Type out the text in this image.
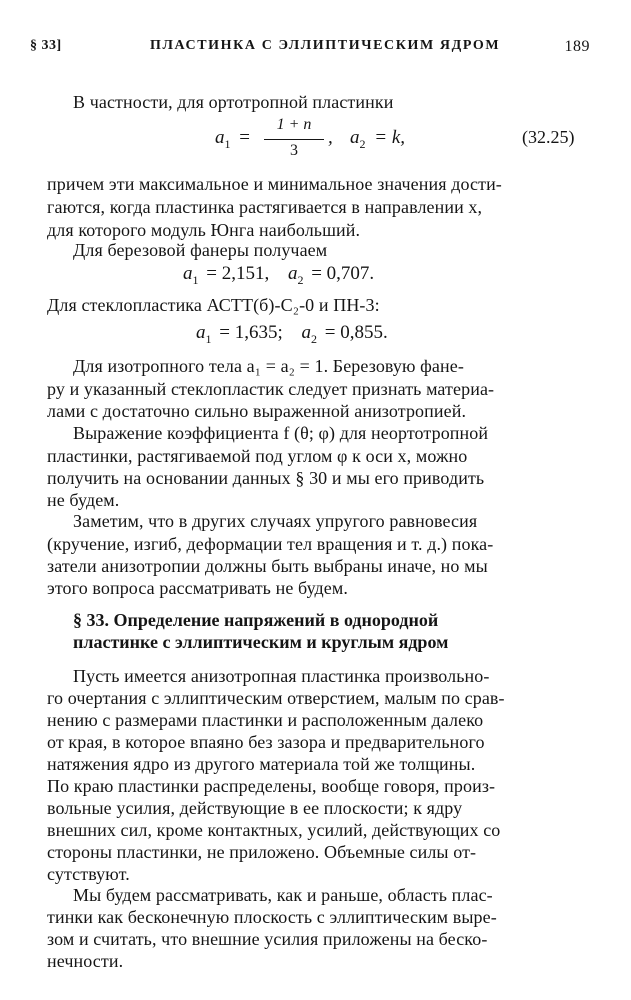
§ 33]	ПЛАСТИНКА С ЭЛЛИПТИЧЕСКИМ ЯДРОМ	189
В частности, для ортотропной пластинки
$a_1$ =
1 + n
3
, $a_2 = k$,	(32.25)
причем эти максимальное и минимальное значения дости-
гаются, когда пластинка растягивается в направлении x,
для которого модуль Юнга наибольший.
Для березовой фанеры получаем
$a_1 = 2,151$, $a_2 = 0,707$.
Для стеклопластика АСТТ(б)-С₂-0 и ПН-3:
$a_1 = 1,635$; $a_2 = 0,855$.
Для изотропного тела a₁ = a₂ = 1. Березовую фане-
ру и указанный стеклопластик следует признать материа-
лами с достаточно сильно выраженной анизотропией.
Выражение коэффициента f (θ; φ) для неортотропной
пластинки, растягиваемой под углом φ к оси x, можно
получить на основании данных § 30 и мы его приводить
не будем.
Заметим, что в других случаях упругого равновесия
(кручение, изгиб, деформации тел вращения и т. д.) пока-
затели анизотропии должны быть выбраны иначе, но мы
этого вопроса рассматривать не будем.
§ 33. Определение напряжений в однородной
пластинке с эллиптическим и круглым ядром
Пусть имеется анизотропная пластинка произвольно-
го очертания с эллиптическим отверстием, малым по срав-
нению с размерами пластинки и расположенным далеко
от края, в которое впаяно без зазора и предварительного
натяжения ядро из другого материала той же толщины.
По краю пластинки распределены, вообще говоря, произ-
вольные усилия, действующие в ее плоскости; к ядру
внешних сил, кроме контактных, усилий, действующих со
стороны пластинки, не приложено. Объемные силы от-
сутствуют.
Мы будем рассматривать, как и раньше, область плас-
тинки как бесконечную плоскость с эллиптическим выре-
зом и считать, что внешние усилия приложены на беско-
нечности.
